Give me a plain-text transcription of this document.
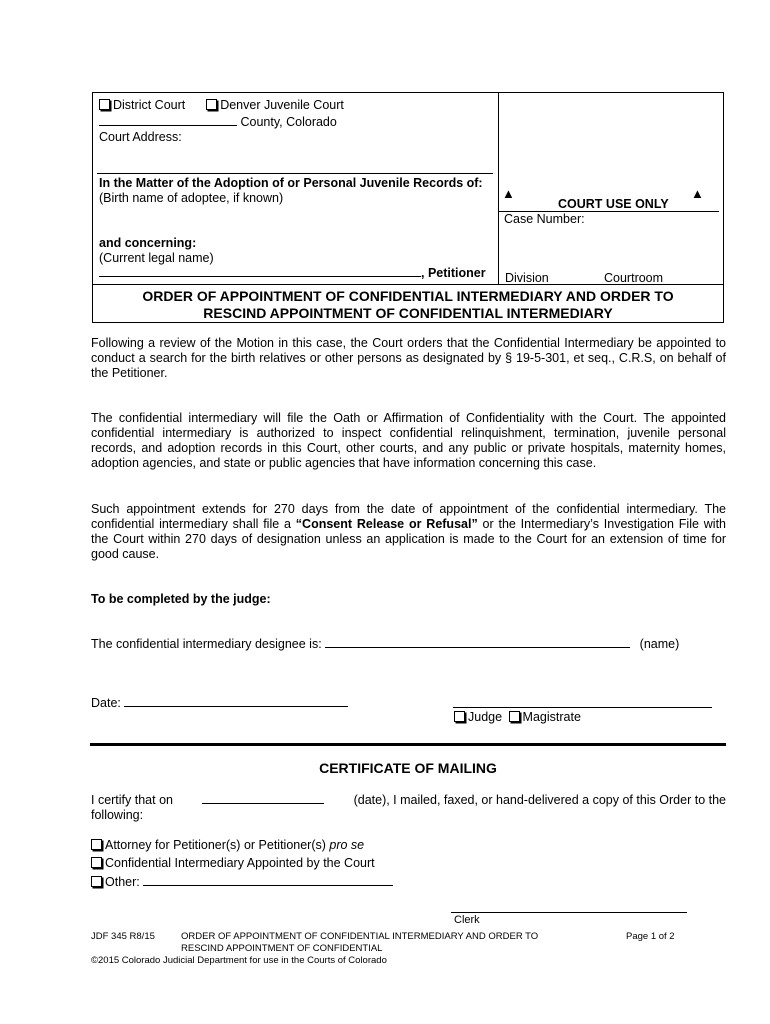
District Court	Denver Juvenile Court
County, Colorado
Court Address:
In the Matter of the Adoption of or Personal Juvenile Records of:
(Birth name of adoptee, if known)
and concerning:
(Current legal name)
, Petitioner
▲
COURT USE ONLY
▲
Case Number:
Division	Courtroom
ORDER OF APPOINTMENT OF CONFIDENTIAL INTERMEDIARY AND ORDER TO
RESCIND APPOINTMENT OF CONFIDENTIAL INTERMEDIARY
Following a review of the Motion in this case, the Court orders that the Confidential Intermediary be appointed to conduct a search for the birth relatives or other persons as designated by § 19-5-301, et seq., C.R.S, on behalf of the Petitioner.
The confidential intermediary will file the Oath or Affirmation of Confidentiality with the Court. The appointed confidential intermediary is authorized to inspect confidential relinquishment, termination, juvenile personal records, and adoption records in this Court, other courts, and any public or private hospitals, maternity homes, adoption agencies, and state or public agencies that have information concerning this case.
Such appointment extends for 270 days from the date of appointment of the confidential intermediary. The confidential intermediary shall file a “Consent Release or Refusal” or the Intermediary’s Investigation File with the Court within 270 days of designation unless an application is made to the Court for an extension of time for good cause.
To be completed by the judge:
The confidential intermediary designee is:	(name)
Date:
Judge Magistrate
CERTIFICATE OF MAILING
I certify that on	(date), I mailed, faxed, or hand-delivered a copy of this Order to the
following:
Attorney for Petitioner(s) or Petitioner(s) pro se
Confidential Intermediary Appointed by the Court
Other:
Clerk
JDF 345 R8/15	ORDER OF APPOINTMENT OF CONFIDENTIAL INTERMEDIARY AND ORDER TO
RESCIND APPOINTMENT OF CONFIDENTIAL
Page 1 of 2
©2015 Colorado Judicial Department for use in the Courts of Colorado
